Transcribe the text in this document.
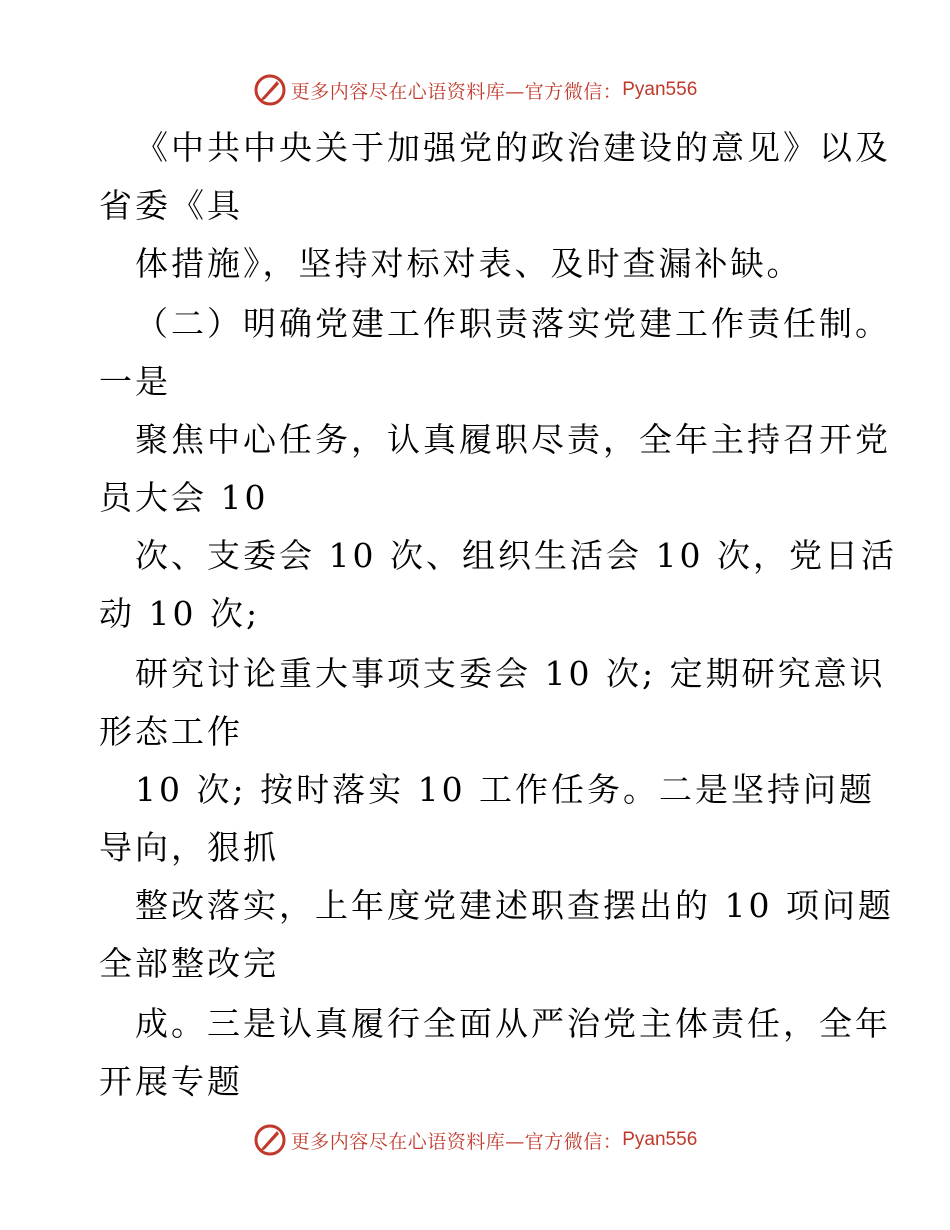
更多内容尽在心语资料库—官方微信： Pyan556
《中共中央关于加强党的政治建设的意见》以及
省委《具
体措施》，坚持对标对表、及时查漏补缺。
（二）明确党建工作职责落实党建工作责任制。
一是
聚焦中心任务，认真履职尽责，全年主持召开党
员大会 10
次、支委会 10 次、组织生活会 10 次，党日活
动 10 次;
研究讨论重大事项支委会 10 次; 定期研究意识
形态工作
10 次; 按时落实 10 工作任务。二是坚持问题
导向，狠抓
整改落实，上年度党建述职查摆出的 10 项问题
全部整改完
成。三是认真履行全面从严治党主体责任，全年
开展专题
更多内容尽在心语资料库—官方微信： Pyan556
